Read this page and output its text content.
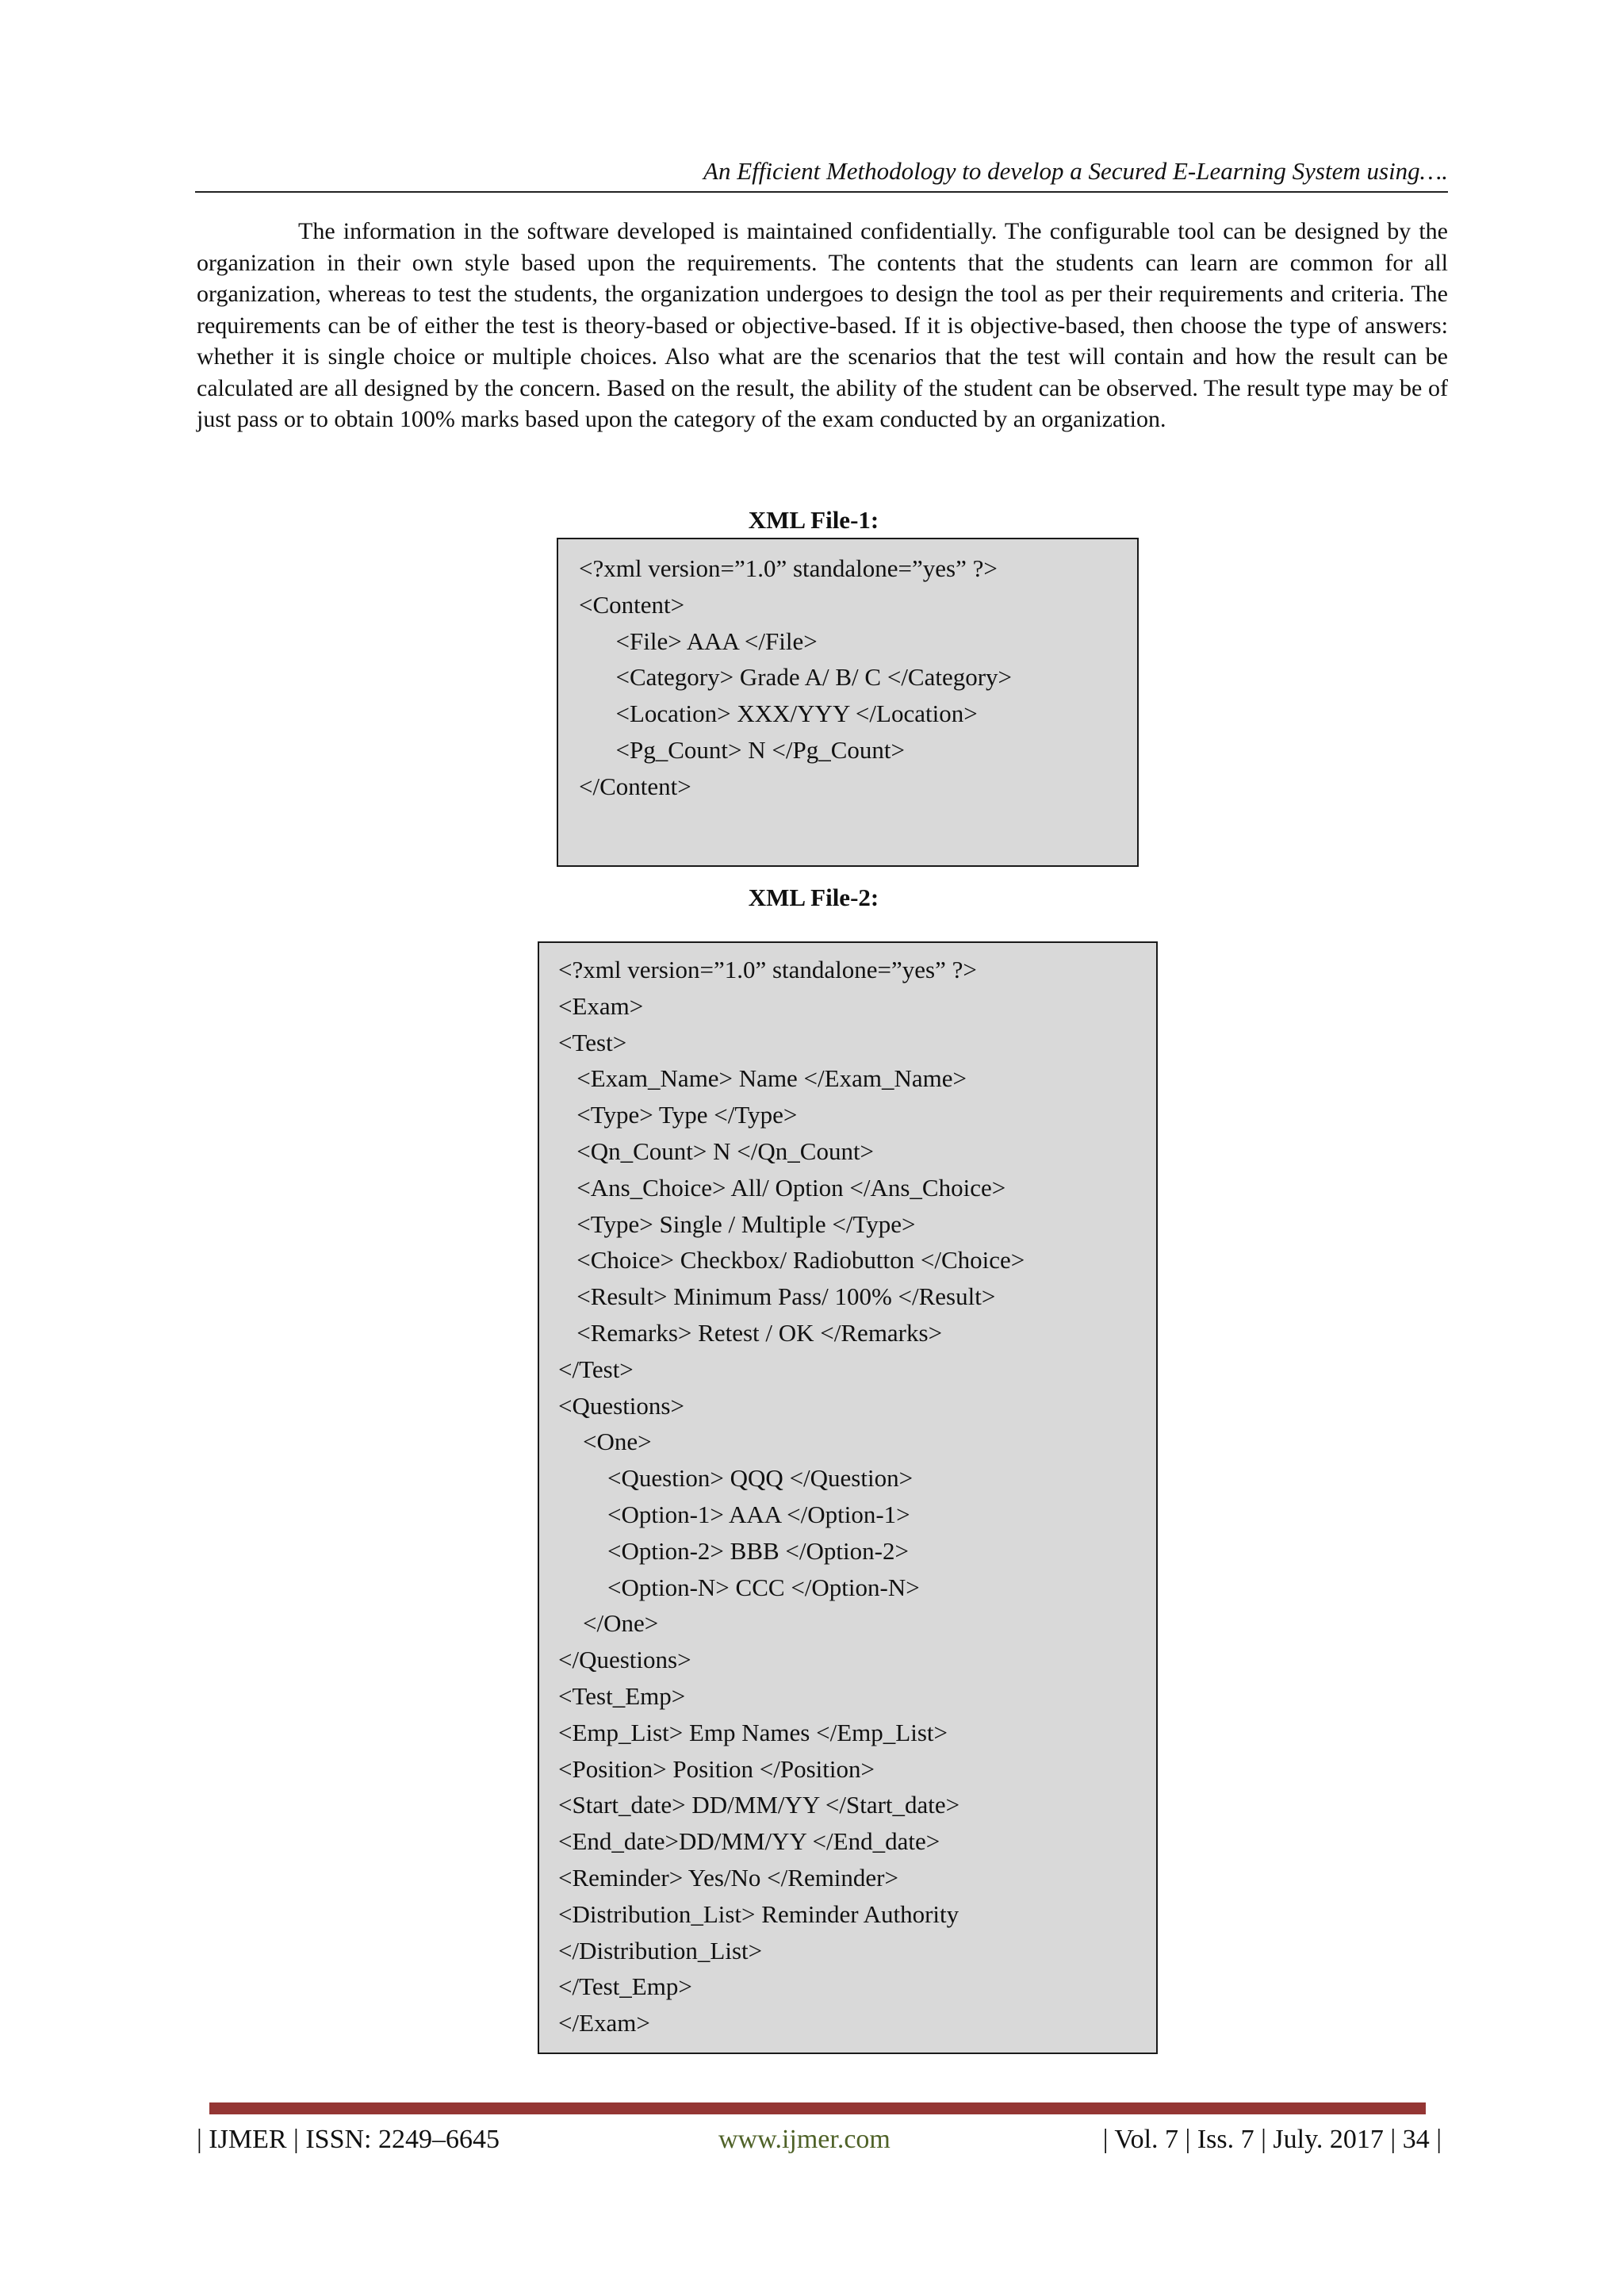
An Efficient Methodology to develop a Secured E-Learning System using….

The information in the software developed is maintained confidentially. The configurable tool can be designed by the organization in their own style based upon the requirements. The contents that the students can learn are common for all organization, whereas to test the students, the organization undergoes to design the tool as per their requirements and criteria. The requirements can be of either the test is theory-based or objective-based. If it is objective-based, then choose the type of answers: whether it is single choice or multiple choices. Also what are the scenarios that the test will contain and how the result can be calculated are all designed by the concern. Based on the result, the ability of the student can be observed. The result type may be of just pass or to obtain 100% marks based upon the category of the exam conducted by an organization.

XML File-1:
<?xml version=”1.0” standalone=”yes” ?>
<Content>
<File> AAA </File>
<Category> Grade A/ B/ C </Category>
<Location> XXX/YYY </Location>
<Pg_Count> N </Pg_Count>
</Content>
XML File-2:
<?xml version=”1.0” standalone=”yes” ?>
<Exam>
<Test>
<Exam_Name> Name </Exam_Name>
<Type> Type </Type>
<Qn_Count> N </Qn_Count>
<Ans_Choice> All/ Option </Ans_Choice>
<Type> Single / Multiple </Type>
<Choice> Checkbox/ Radiobutton </Choice>
<Result> Minimum Pass/ 100% </Result>
<Remarks> Retest / OK </Remarks>
</Test>
<Questions>
<One>
<Question> QQQ </Question>
<Option-1> AAA </Option-1>
<Option-2> BBB </Option-2>
<Option-N> CCC </Option-N>
</One>
</Questions>
<Test_Emp>
<Emp_List> Emp Names </Emp_List>
<Position> Position </Position>
<Start_date> DD/MM/YY </Start_date>
<End_date>DD/MM/YY </End_date>
<Reminder> Yes/No </Reminder>
<Distribution_List> Reminder Authority
</Distribution_List>
</Test_Emp>
</Exam>
| IJMER | ISSN: 2249–6645	www.ijmer.com	| Vol. 7 | Iss. 7 | July. 2017 | 34 |
